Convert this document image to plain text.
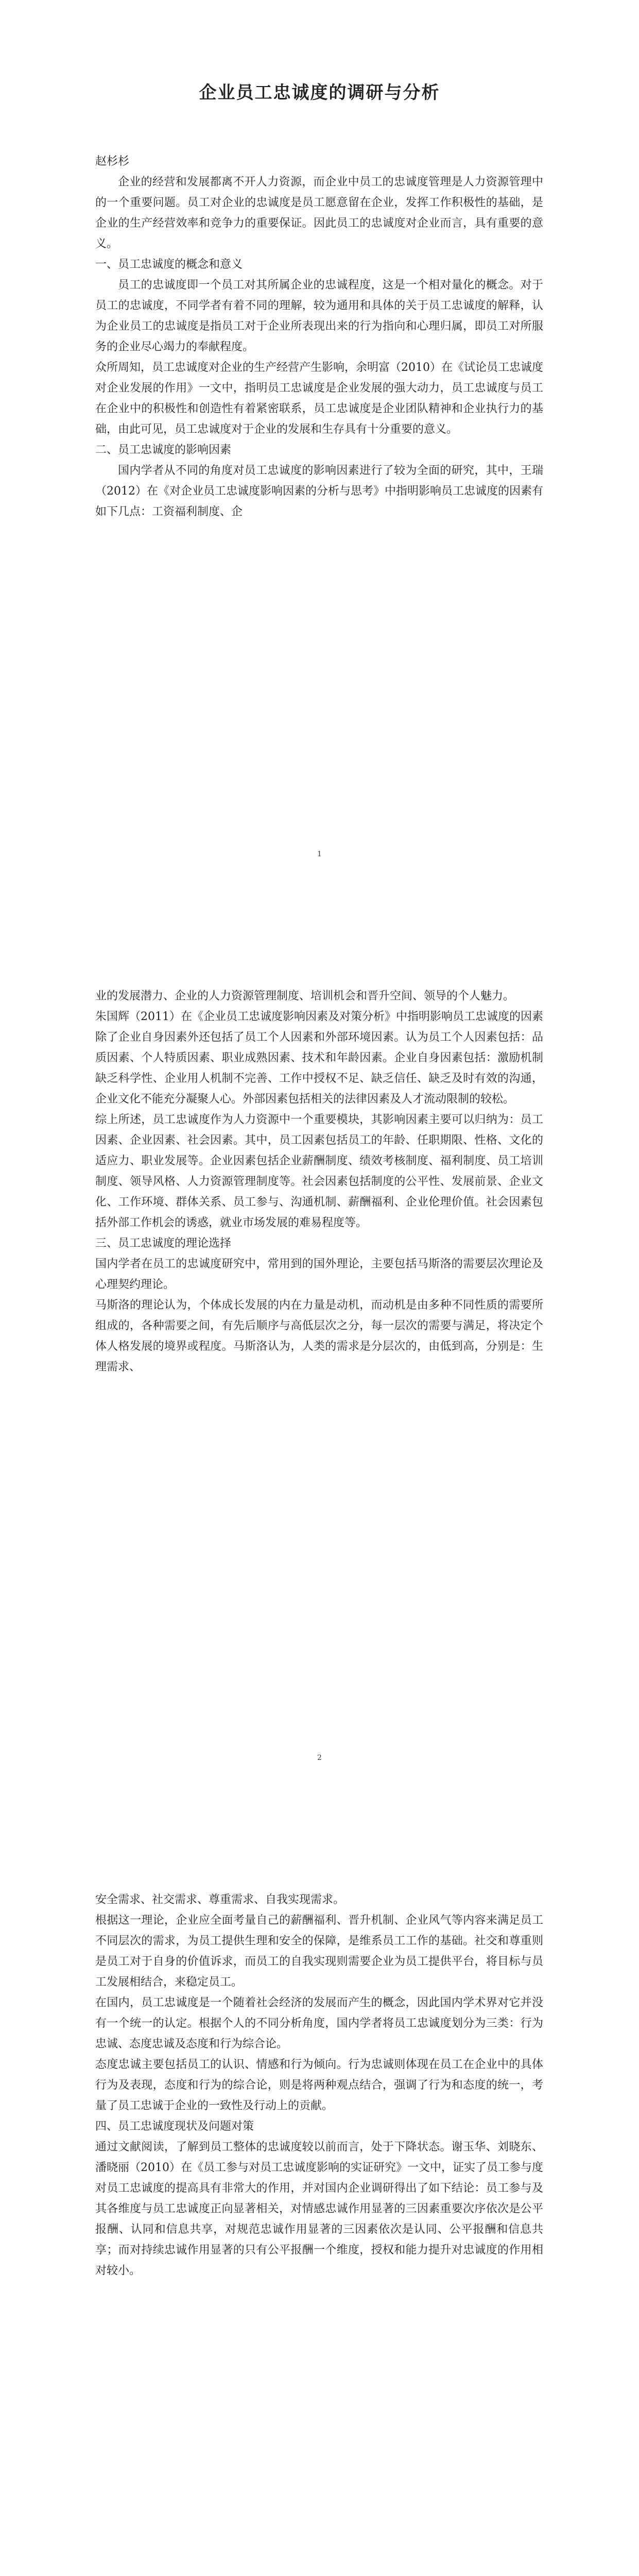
企业员工忠诚度的调研与分析

赵杉杉

企业的经营和发展都离不开人力资源，而企业中员工的忠诚度管理是人力资源管理中的一个重要问题。员工对企业的忠诚度是员工愿意留在企业，发挥工作积极性的基础，是企业的生产经营效率和竞争力的重要保证。因此员工的忠诚度对企业而言，具有重要的意义。

一、员工忠诚度的概念和意义

员工的忠诚度即一个员工对其所属企业的忠诚程度，这是一个相对量化的概念。对于员工的忠诚度，不同学者有着不同的理解，较为通用和具体的关于员工忠诚度的解释，认为企业员工的忠诚度是指员工对于企业所表现出来的行为指向和心理归属，即员工对所服务的企业尽心竭力的奉献程度。

众所周知，员工忠诚度对企业的生产经营产生影响，余明富（2010）在《试论员工忠诚度对企业发展的作用》一文中，指明员工忠诚度是企业发展的强大动力，员工忠诚度与员工在企业中的积极性和创造性有着紧密联系，员工忠诚度是企业团队精神和企业执行力的基础，由此可见，员工忠诚度对于企业的发展和生存具有十分重要的意义。

二、员工忠诚度的影响因素

国内学者从不同的角度对员工忠诚度的影响因素进行了较为全面的研究，其中，王瑞（2012）在《对企业员工忠诚度影响因素的分析与思考》中指明影响员工忠诚度的因素有如下几点：工资福利制度、企

1

业的发展潜力、企业的人力资源管理制度、培训机会和晋升空间、领导的个人魅力。

朱国辉（2011）在《企业员工忠诚度影响因素及对策分析》中指明影响员工忠诚度的因素除了企业自身因素外还包括了员工个人因素和外部环境因素。认为员工个人因素包括：品质因素、个人特质因素、职业成熟因素、技术和年龄因素。企业自身因素包括：激励机制缺乏科学性、企业用人机制不完善、工作中授权不足、缺乏信任、缺乏及时有效的沟通，企业文化不能充分凝聚人心。外部因素包括相关的法律因素及人才流动限制的较松。

综上所述，员工忠诚度作为人力资源中一个重要模块，其影响因素主要可以归纳为：员工因素、企业因素、社会因素。其中，员工因素包括员工的年龄、任职期限、性格、文化的适应力、职业发展等。企业因素包括企业薪酬制度、绩效考核制度、福利制度、员工培训制度、领导风格、人力资源管理制度等。社会因素包括制度的公平性、发展前景、企业文化、工作环境、群体关系、员工参与、沟通机制、薪酬福利、企业伦理价值。社会因素包括外部工作机会的诱惑，就业市场发展的难易程度等。

三、员工忠诚度的理论选择

国内学者在员工的忠诚度研究中，常用到的国外理论，主要包括马斯洛的需要层次理论及心理契约理论。

马斯洛的理论认为，个体成长发展的内在力量是动机，而动机是由多种不同性质的需要所组成的，各种需要之间，有先后顺序与高低层次之分，每一层次的需要与满足，将决定个体人格发展的境界或程度。马斯洛认为，人类的需求是分层次的，由低到高，分别是：生理需求、

2

安全需求、社交需求、尊重需求、自我实现需求。

根据这一理论，企业应全面考量自己的薪酬福利、晋升机制、企业风气等内容来满足员工不同层次的需求，为员工提供生理和安全的保障，是维系员工工作的基础。社交和尊重则是员工对于自身的价值诉求，而员工的自我实现则需要企业为员工提供平台，将目标与员工发展相结合，来稳定员工。

在国内，员工忠诚度是一个随着社会经济的发展而产生的概念，因此国内学术界对它并没有一个统一的认定。根据个人的不同分析角度，国内学者将员工忠诚度划分为三类：行为忠诚、态度忠诚及态度和行为综合论。

态度忠诚主要包括员工的认识、情感和行为倾向。行为忠诚则体现在员工在企业中的具体行为及表现，态度和行为的综合论，则是将两种观点结合，强调了行为和态度的统一，考量了员工忠诚于企业的一致性及行动上的贡献。

四、员工忠诚度现状及问题对策

通过文献阅读，了解到员工整体的忠诚度较以前而言，处于下降状态。谢玉华、刘晓东、潘晓丽（2010）在《员工参与对员工忠诚度影响的实证研究》一文中，证实了员工参与度对员工忠诚度的提高具有非常大的作用，并对国内企业调研得出了如下结论：员工参与及其各维度与员工忠诚度正向显著相关，对情感忠诚作用显著的三因素重要次序依次是公平报酬、认同和信息共享，对规范忠诚作用显著的三因素依次是认同、公平报酬和信息共享；而对持续忠诚作用显著的只有公平报酬一个维度，授权和能力提升对忠诚度的作用相对较小。
